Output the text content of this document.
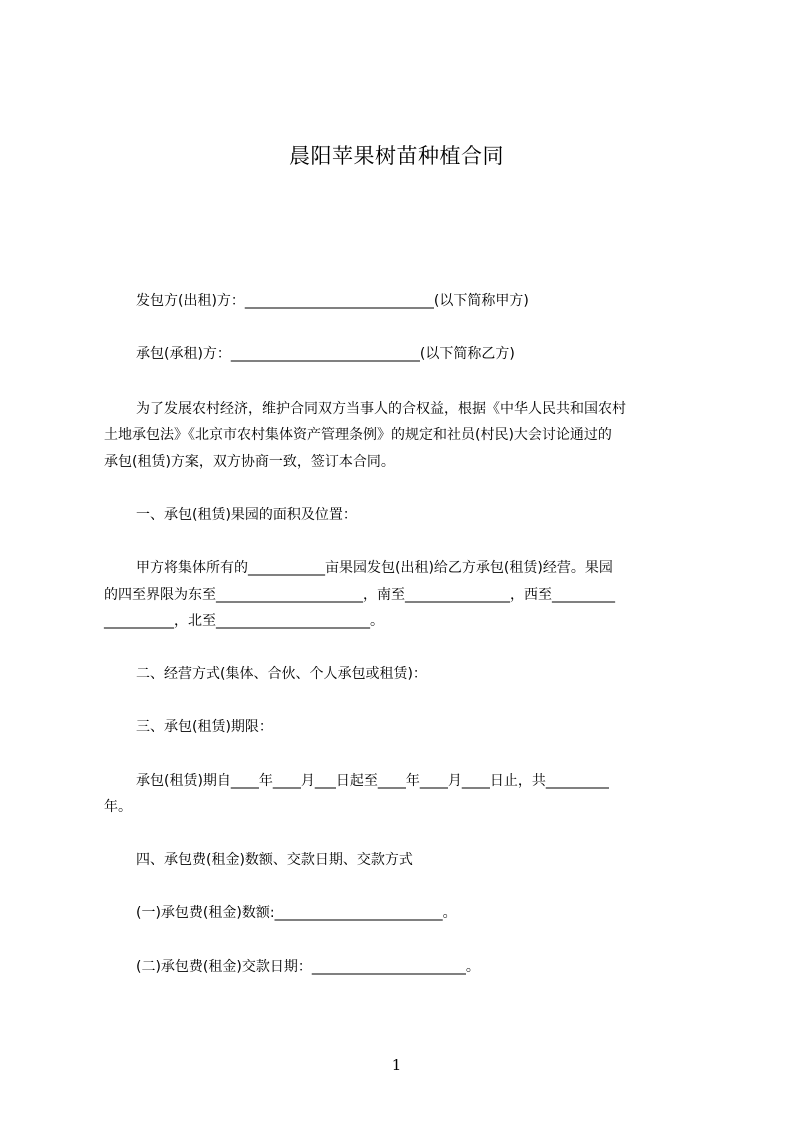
晨阳苹果树苗种植合同
发包方(出租)方：___________________________(以下简称甲方)
承包(承租)方：___________________________(以下简称乙方)
为了发展农村经济，维护合同双方当事人的合权益，根据《中华人民共和国农村
土地承包法》《北京市农村集体资产管理条例》的规定和社员(村民)大会讨论通过的
承包(租赁)方案，双方协商一致，签订本合同。
一、承包(租赁)果园的面积及位置：
甲方将集体所有的___________亩果园发包(出租)给乙方承包(租赁)经营。果园
的四至界限为东至_____________________，南至_______________，西至_________
__________，北至______________________。
二、经营方式(集体、合伙、个人承包或租赁)：
三、承包(租赁)期限：
承包(租赁)期自____年____月___日起至____年____月____日止，共_________
年。
四、承包费(租金)数额、交款日期、交款方式
(一)承包费(租金)数额:________________________。
(二)承包费(租金)交款日期：______________________。
1
